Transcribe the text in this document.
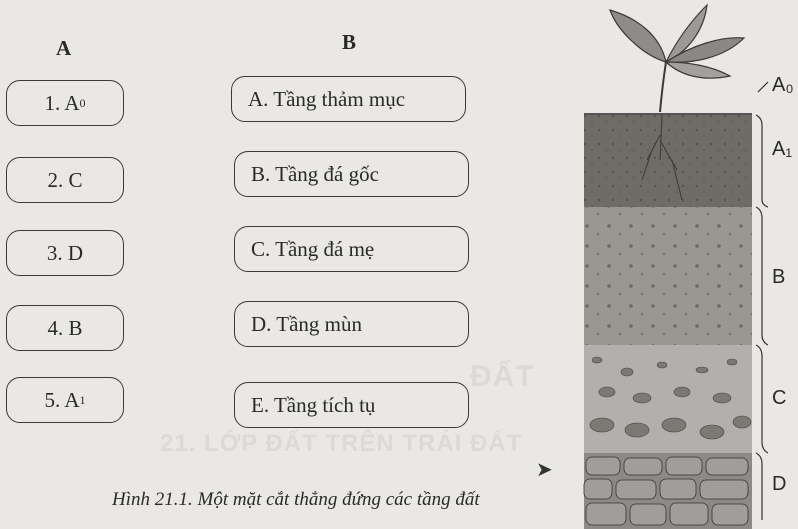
ĐẤT
21. LỚP ĐẤT TRÊN TRÁI ĐẤT
A	B
1. A 0
2. C
3. D
4. B
5. A 1
A. Tầng thảm mục
B. Tầng đá gốc
C. Tầng đá mẹ
D. Tầng mùn
E. Tầng tích tụ
Hình 21.1. Một mặt cắt thẳng đứng các tầng đất
➤
A₀
A₁
B
C
D
